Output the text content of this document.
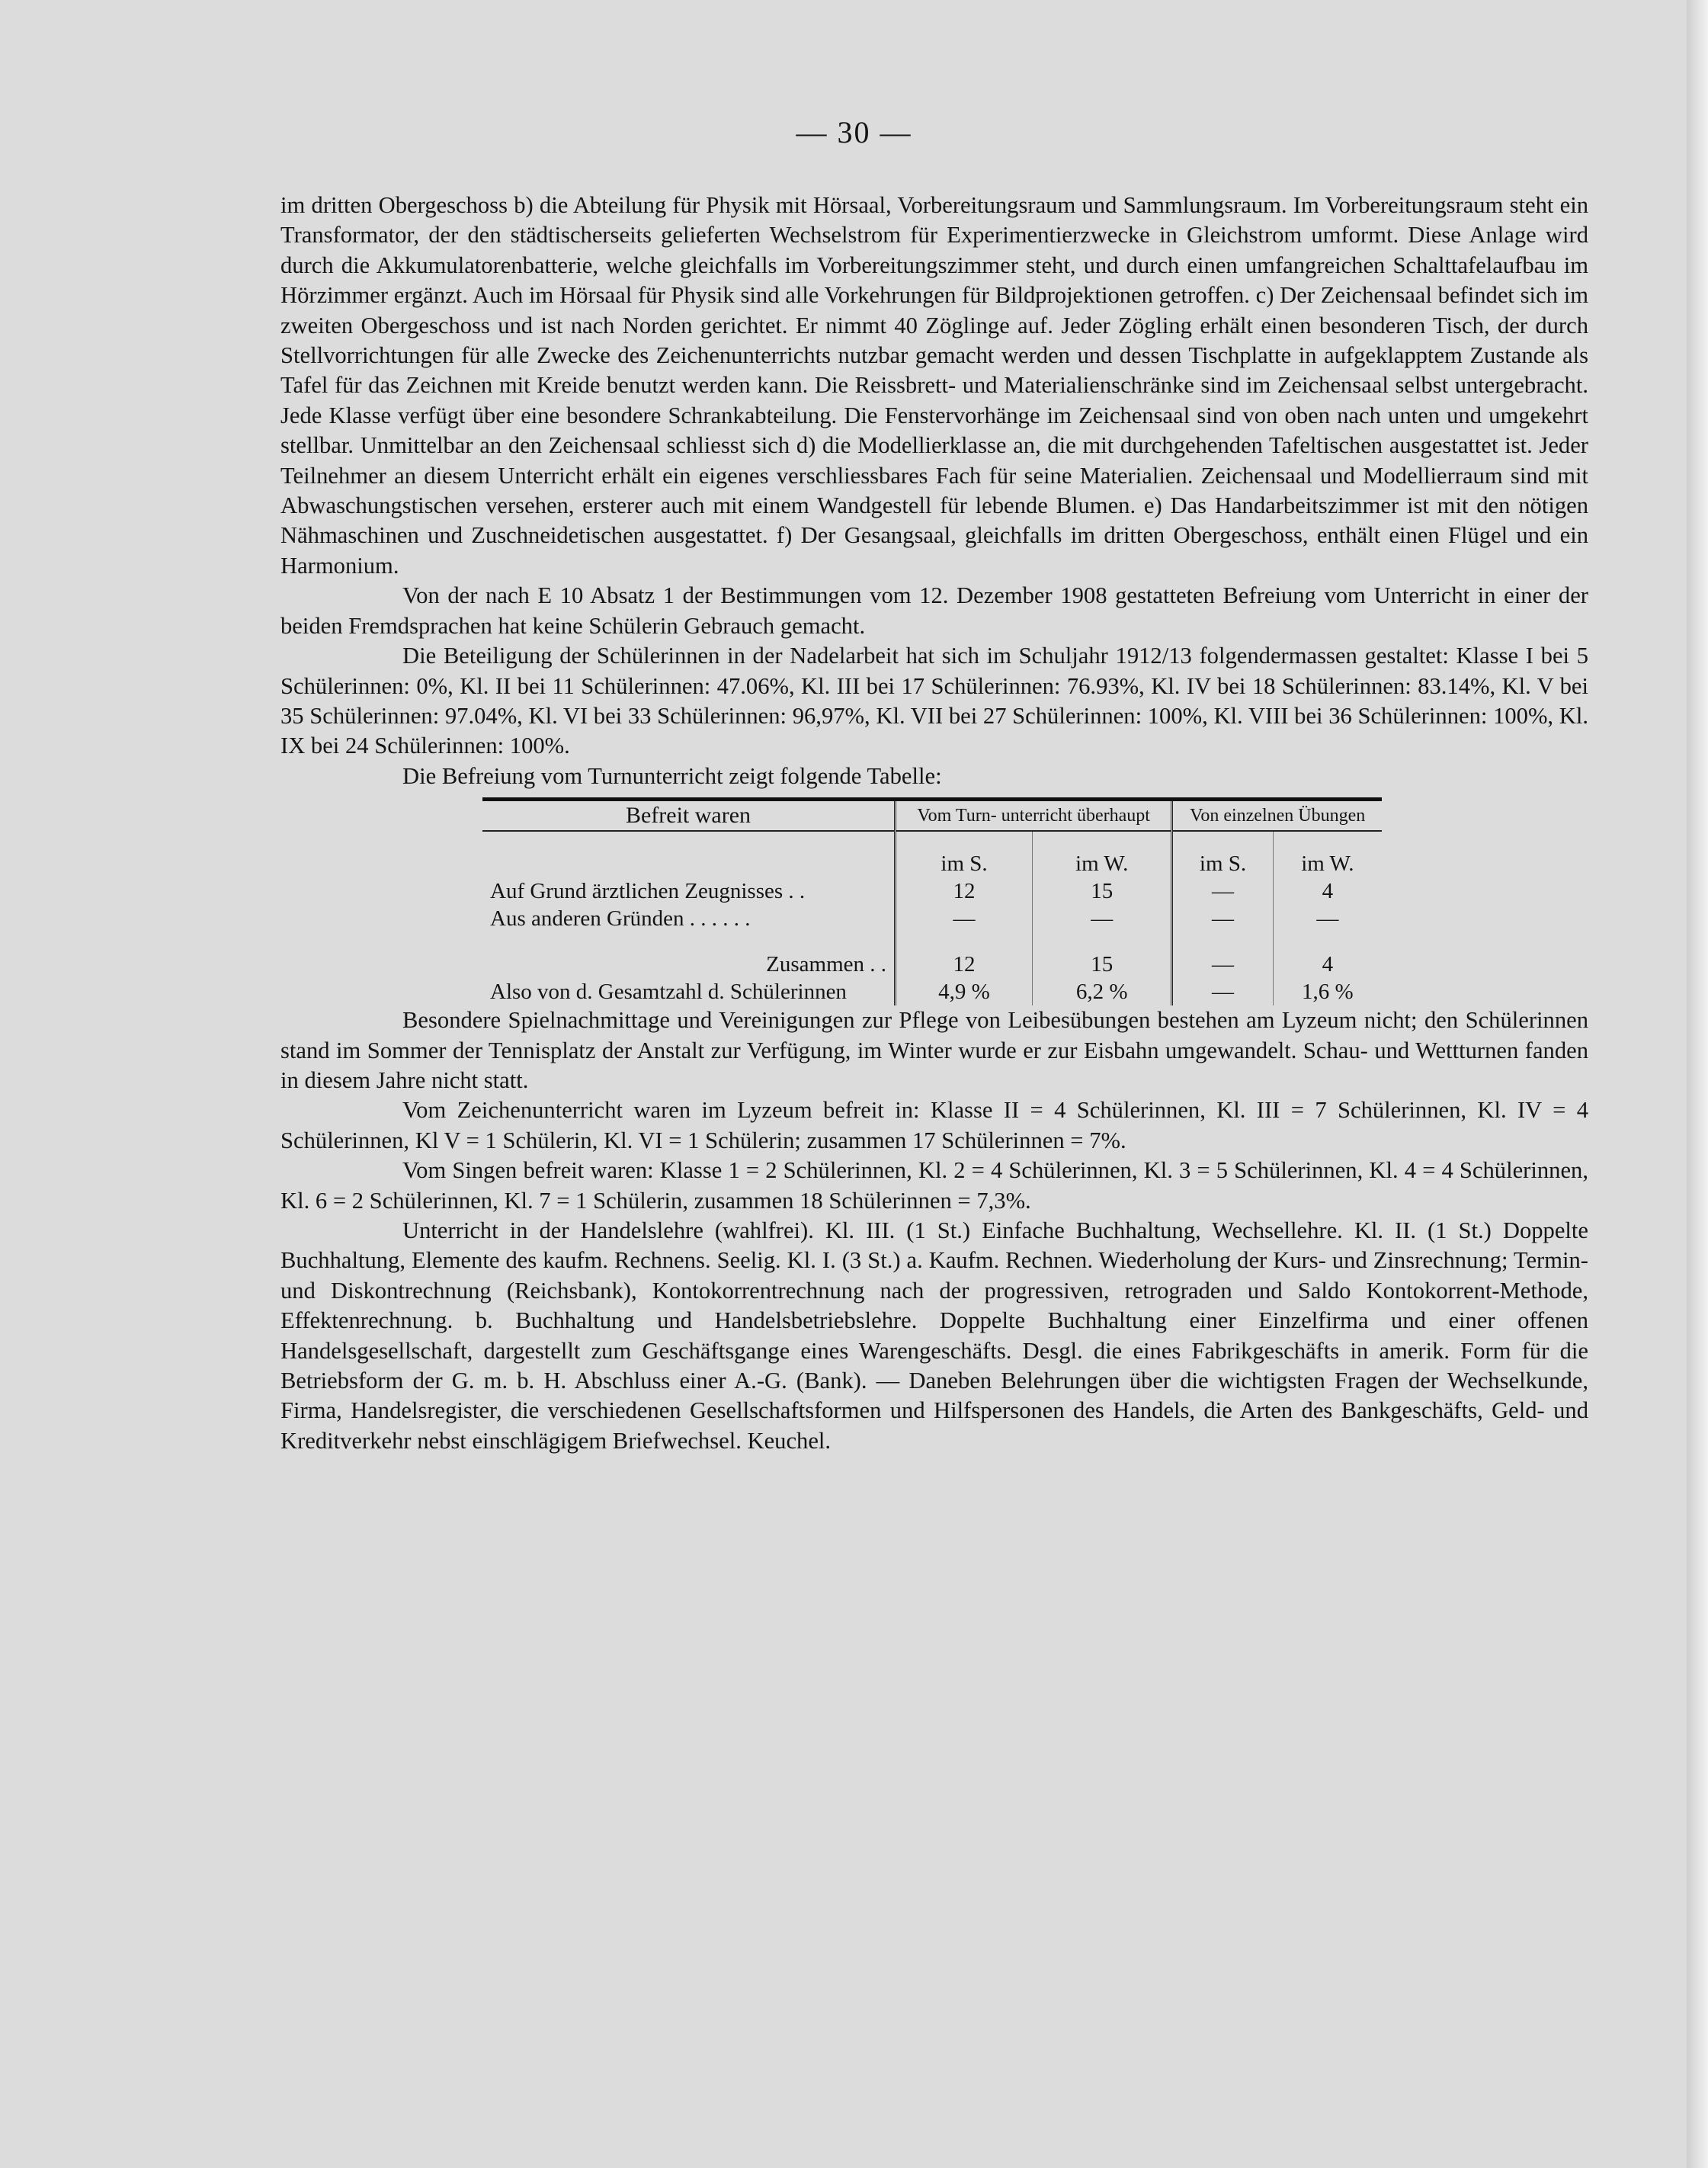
— 30 —

im dritten Obergeschoss b) die Abteilung für Physik mit Hörsaal, Vorbereitungsraum und Sammlungsraum. Im Vorbereitungsraum steht ein Transformator, der den städtischerseits gelieferten Wechselstrom für Experimentierzwecke in Gleichstrom umformt. Diese Anlage wird durch die Akkumulatorenbatterie, welche gleichfalls im Vorbereitungszimmer steht, und durch einen umfangreichen Schalttafelaufbau im Hörzimmer ergänzt. Auch im Hörsaal für Physik sind alle Vorkehrungen für Bildprojektionen getroffen. c) Der Zeichensaal befindet sich im zweiten Obergeschoss und ist nach Norden gerichtet. Er nimmt 40 Zöglinge auf. Jeder Zögling erhält einen besonderen Tisch, der durch Stellvorrichtungen für alle Zwecke des Zeichenunterrichts nutzbar gemacht werden und dessen Tischplatte in aufgeklapptem Zustande als Tafel für das Zeichnen mit Kreide benutzt werden kann. Die Reissbrett- und Materialienschränke sind im Zeichensaal selbst untergebracht. Jede Klasse verfügt über eine besondere Schrankabteilung. Die Fenstervorhänge im Zeichensaal sind von oben nach unten und umgekehrt stellbar. Unmittelbar an den Zeichensaal schliesst sich d) die Modellierklasse an, die mit durchgehenden Tafeltischen ausgestattet ist. Jeder Teilnehmer an diesem Unterricht erhält ein eigenes verschliessbares Fach für seine Materialien. Zeichensaal und Modellierraum sind mit Abwaschungstischen versehen, ersterer auch mit einem Wandgestell für lebende Blumen. e) Das Handarbeitszimmer ist mit den nötigen Nähmaschinen und Zuschneidetischen ausgestattet. f) Der Gesangsaal, gleichfalls im dritten Obergeschoss, enthält einen Flügel und ein Harmonium.

Von der nach E 10 Absatz 1 der Bestimmungen vom 12. Dezember 1908 gestatteten Befreiung vom Unterricht in einer der beiden Fremdsprachen hat keine Schülerin Gebrauch gemacht.

Die Beteiligung der Schülerinnen in der Nadelarbeit hat sich im Schuljahr 1912/13 folgendermassen gestaltet: Klasse I bei 5 Schülerinnen: 0%, Kl. II bei 11 Schülerinnen: 47.06%, Kl. III bei 17 Schülerinnen: 76.93%, Kl. IV bei 18 Schülerinnen: 83.14%, Kl. V bei 35 Schülerinnen: 97.04%, Kl. VI bei 33 Schülerinnen: 96,97%, Kl. VII bei 27 Schülerinnen: 100%, Kl. VIII bei 36 Schülerinnen: 100%, Kl. IX bei 24 Schülerinnen: 100%.

Die Befreiung vom Turnunterricht zeigt folgende Tabelle:

Befreit waren	Vom Turn- unterricht überhaupt		Von einzelnen Übungen	

	im S.	im W.	im S.	im W.
Auf Grund ärztlichen Zeugnisses . .	12	15	—	4
Aus anderen Gründen . . . . . .	—	—	—	—

Zusammen . .	12	15	—	4
Also von d. Gesamtzahl d. Schülerinnen	4,9 %	6,2 %	—	1,6 %

Besondere Spielnachmittage und Vereinigungen zur Pflege von Leibesübungen bestehen am Lyzeum nicht; den Schülerinnen stand im Sommer der Tennisplatz der Anstalt zur Verfügung, im Winter wurde er zur Eisbahn umgewandelt. Schau- und Wettturnen fanden in diesem Jahre nicht statt.

Vom Zeichenunterricht waren im Lyzeum befreit in: Klasse II = 4 Schülerinnen, Kl. III = 7 Schülerinnen, Kl. IV = 4 Schülerinnen, Kl V = 1 Schülerin, Kl. VI = 1 Schülerin; zusammen 17 Schülerinnen = 7%.

Vom Singen befreit waren: Klasse 1 = 2 Schülerinnen, Kl. 2 = 4 Schülerinnen, Kl. 3 = 5 Schülerinnen, Kl. 4 = 4 Schülerinnen, Kl. 6 = 2 Schülerinnen, Kl. 7 = 1 Schülerin, zusammen 18 Schülerinnen = 7,3%.

Unterricht in der Handelslehre (wahlfrei). Kl. III. (1 St.) Einfache Buchhaltung, Wechsellehre. Kl. II. (1 St.) Doppelte Buchhaltung, Elemente des kaufm. Rechnens. Seelig. Kl. I. (3 St.) a. Kaufm. Rechnen. Wiederholung der Kurs- und Zinsrechnung; Termin- und Diskontrechnung (Reichsbank), Kontokorrentrechnung nach der progressiven, retrograden und Saldo Kontokorrent-Methode, Effektenrechnung. b. Buchhaltung und Handelsbetriebslehre. Doppelte Buchhaltung einer Einzelfirma und einer offenen Handelsgesellschaft, dargestellt zum Geschäftsgange eines Warengeschäfts. Desgl. die eines Fabrikgeschäfts in amerik. Form für die Betriebsform der G. m. b. H. Abschluss einer A.-G. (Bank). — Daneben Belehrungen über die wichtigsten Fragen der Wechselkunde, Firma, Handelsregister, die verschiedenen Gesellschaftsformen und Hilfspersonen des Handels, die Arten des Bankgeschäfts, Geld- und Kreditverkehr nebst einschlägigem Briefwechsel. Keuchel.
